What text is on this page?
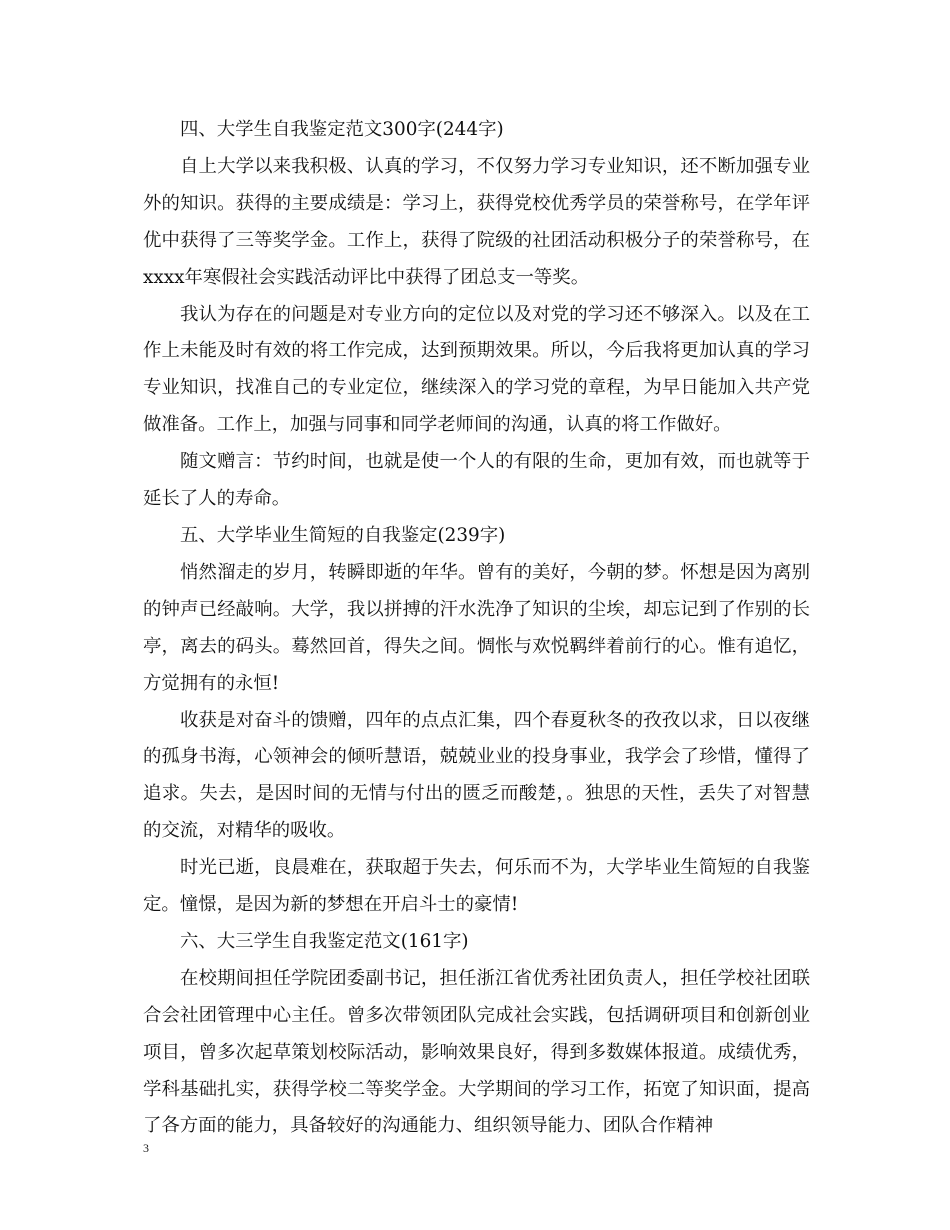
四、大学生自我鉴定范文300字(244字)

自上大学以来我积极、认真的学习，不仅努力学习专业知识，还不断加强专业外的知识。获得的主要成绩是：学习上，获得党校优秀学员的荣誉称号，在学年评优中获得了三等奖学金。工作上，获得了院级的社团活动积极分子的荣誉称号，在xxxx年寒假社会实践活动评比中获得了团总支一等奖。

我认为存在的问题是对专业方向的定位以及对党的学习还不够深入。以及在工作上未能及时有效的将工作完成，达到预期效果。所以，今后我将更加认真的学习专业知识，找准自己的专业定位，继续深入的学习党的章程，为早日能加入共产党做准备。工作上，加强与同事和同学老师间的沟通，认真的将工作做好。

随文赠言：节约时间，也就是使一个人的有限的生命，更加有效，而也就等于延长了人的寿命。

五、大学毕业生简短的自我鉴定(239字)

悄然溜走的岁月，转瞬即逝的年华。曾有的美好，今朝的梦。怀想是因为离别的钟声已经敲响。大学，我以拼搏的汗水洗净了知识的尘埃，却忘记到了作别的长亭，离去的码头。蓦然回首，得失之间。惆怅与欢悦羁绊着前行的心。惟有追忆，方觉拥有的永恒!

收获是对奋斗的馈赠，四年的点点汇集，四个春夏秋冬的孜孜以求，日以夜继的孤身书海，心领神会的倾听慧语，兢兢业业的投身事业，我学会了珍惜，懂得了追求。失去，是因时间的无情与付出的匮乏而酸楚，。独思的天性，丢失了对智慧的交流，对精华的吸收。

时光已逝，良晨难在，获取超于失去，何乐而不为，大学毕业生简短的自我鉴定。憧憬，是因为新的梦想在开启斗士的豪情!

六、大三学生自我鉴定范文(161字)

在校期间担任学院团委副书记，担任浙江省优秀社团负责人，担任学校社团联合会社团管理中心主任。曾多次带领团队完成社会实践，包括调研项目和创新创业项目，曾多次起草策划校际活动，影响效果良好，得到多数媒体报道。成绩优秀，学科基础扎实，获得学校二等奖学金。大学期间的学习工作，拓宽了知识面，提高了各方面的能力，具备较好的沟通能力、组织领导能力、团队合作精神

3
